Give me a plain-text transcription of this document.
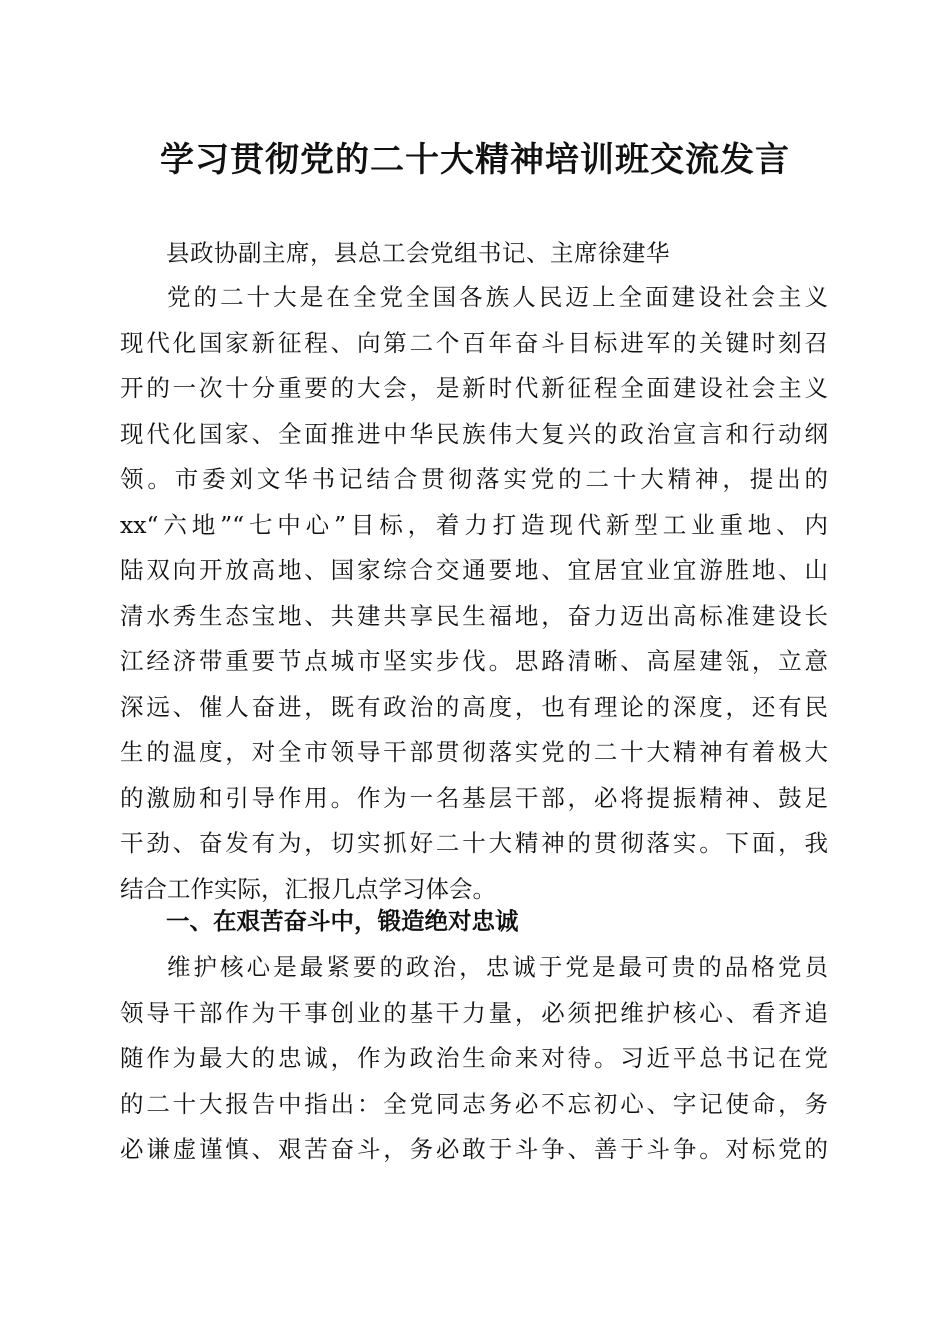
学习贯彻党的二十大精神培训班交流发言
县政协副主席，县总工会党组书记、主席徐建华
党的二十大是在全党全国各族人民迈上全面建设社会主义
现代化国家新征程、向第二个百年奋斗目标进军的关键时刻召
开的一次十分重要的大会，是新时代新征程全面建设社会主义
现代化国家、全面推进中华民族伟大复兴的政治宣言和行动纲
领。市委刘文华书记结合贯彻落实党的二十大精神，提出的
xx“六地”“七中心”目标，着力打造现代新型工业重地、内
陆双向开放高地、国家综合交通要地、宜居宜业宜游胜地、山
清水秀生态宝地、共建共享民生福地，奋力迈出高标准建设长
江经济带重要节点城市坚实步伐。思路清晰、高屋建瓴，立意
深远、催人奋进，既有政治的高度，也有理论的深度，还有民
生的温度，对全市领导干部贯彻落实党的二十大精神有着极大
的激励和引导作用。作为一名基层干部，必将提振精神、鼓足
干劲、奋发有为，切实抓好二十大精神的贯彻落实。下面，我
结合工作实际，汇报几点学习体会。
一、在艰苦奋斗中，锻造绝对忠诚
维护核心是最紧要的政治，忠诚于党是最可贵的品格党员
领导干部作为干事创业的基干力量，必须把维护核心、看齐追
随作为最大的忠诚，作为政治生命来对待。习近平总书记在党
的二十大报告中指出：全党同志务必不忘初心、字记使命，务
必谦虚谨慎、艰苦奋斗，务必敢于斗争、善于斗争。对标党的
